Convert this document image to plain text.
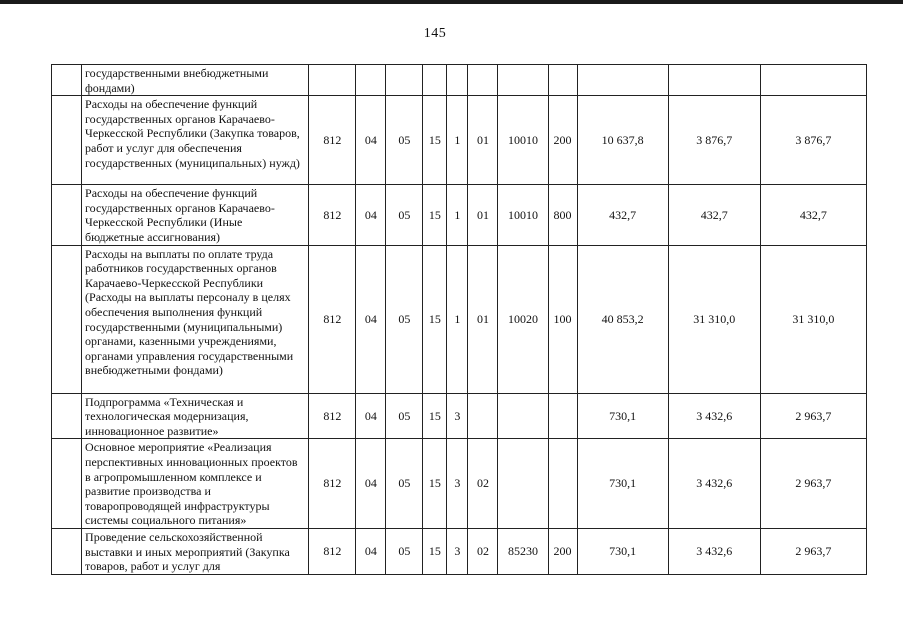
145
	государственными внебюджетными фондами)											
	Расходы на обеспечение функций государственных органов Карачаево-Черкесской Республики (Закупка товаров, работ и услуг для обеспечения государственных (муниципальных) нужд)	812	04	05	15	1	01	10010	200	10 637,8	3 876,7	3 876,7
	Расходы на обеспечение функций государственных органов Карачаево-Черкесской Республики (Иные бюджетные ассигнования)	812	04	05	15	1	01	10010	800	432,7	432,7	432,7
	Расходы на выплаты по оплате труда работников государственных органов Карачаево-Черкесской Республики (Расходы на выплаты персоналу в целях обеспечения выполнения функций государственными (муниципальными) органами, казенными учреждениями, органами управления государственными внебюджетными фондами)	812	04	05	15	1	01	10020	100	40 853,2	31 310,0	31 310,0
	Подпрограмма «Техническая и технологическая модернизация, инновационное развитие»	812	04	05	15	3				730,1	3 432,6	2 963,7
	Основное мероприятие «Реализация перспективных инновационных проектов в агропромышленном комплексе и развитие производства и товаропроводящей инфраструктуры системы социального питания»	812	04	05	15	3	02			730,1	3 432,6	2 963,7
	Проведение сельскохозяйственной выставки и иных мероприятий (Закупка товаров, работ и услуг для	812	04	05	15	3	02	85230	200	730,1	3 432,6	2 963,7
